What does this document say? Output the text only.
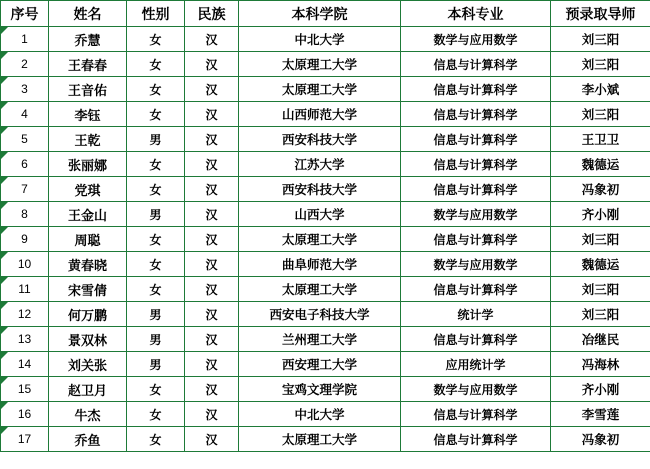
序号	姓名	性别	民族	本科学院	本科专业	预录取导师
1	乔慧	女	汉	中北大学	数学与应用数学	刘三阳
2	王春春	女	汉	太原理工大学	信息与计算科学	刘三阳
3	王音佑	女	汉	太原理工大学	信息与计算科学	李小斌
4	李钰	女	汉	山西师范大学	信息与计算科学	刘三阳
5	王乾	男	汉	西安科技大学	信息与计算科学	王卫卫
6	张丽娜	女	汉	江苏大学	信息与计算科学	魏德运
7	党琪	女	汉	西安科技大学	信息与计算科学	冯象初
8	王金山	男	汉	山西大学	数学与应用数学	齐小刚
9	周聪	女	汉	太原理工大学	信息与计算科学	刘三阳
10	黄春晓	女	汉	曲阜师范大学	数学与应用数学	魏德运
11	宋雪倩	女	汉	太原理工大学	信息与计算科学	刘三阳
12	何万鹏	男	汉	西安电子科技大学	统计学	刘三阳
13	景双林	男	汉	兰州理工大学	信息与计算科学	冶继民
14	刘关张	男	汉	西安理工大学	应用统计学	冯海林
15	赵卫月	女	汉	宝鸡文理学院	数学与应用数学	齐小刚
16	牛杰	女	汉	中北大学	信息与计算科学	李雪莲
17	乔鱼	女	汉	太原理工大学	信息与计算科学	冯象初
